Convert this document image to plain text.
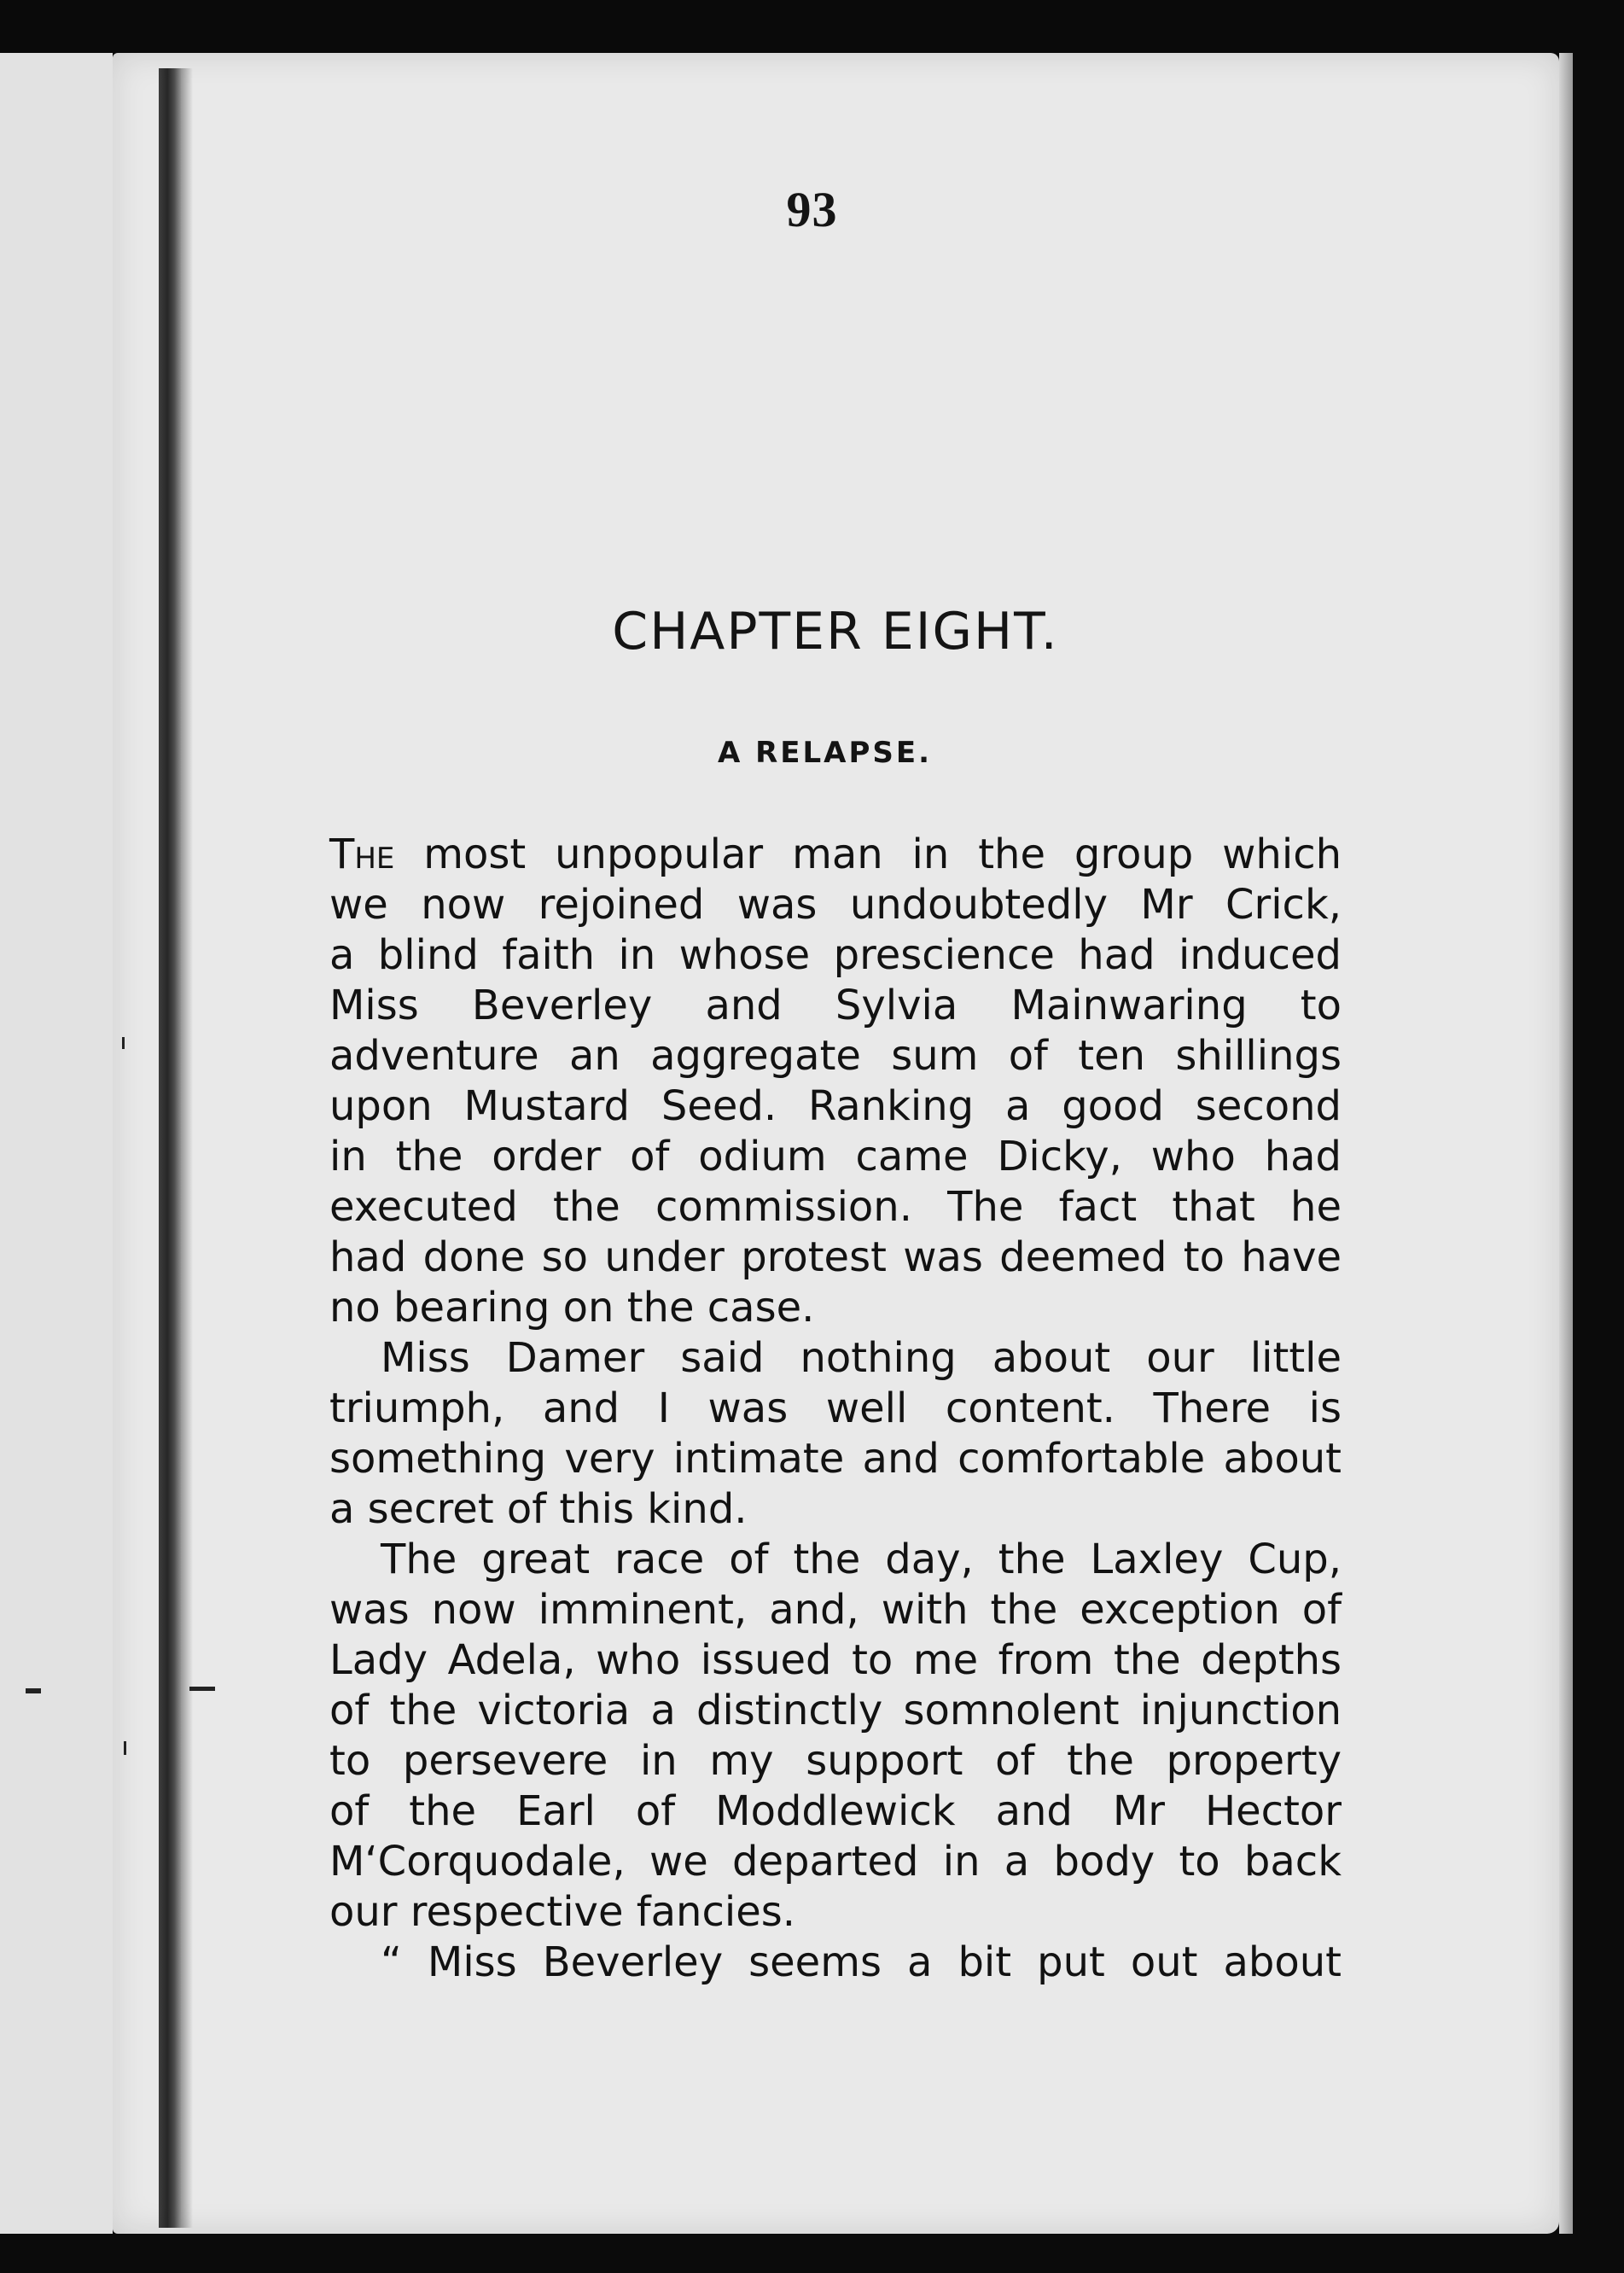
93
CHAPTER EIGHT.
A RELAPSE.
The most unpopular man in the group which
we now rejoined was undoubtedly Mr Crick,
a blind faith in whose prescience had induced
Miss Beverley and Sylvia Mainwaring to
adventure an aggregate sum of ten shillings
upon Mustard Seed. Ranking a good second
in the order of odium came Dicky, who had
executed the commission. The fact that he
had done so under protest was deemed to have
no bearing on the case.
Miss Damer said nothing about our little
triumph, and I was well content. There is
something very intimate and comfortable about
a secret of this kind.
The great race of the day, the Laxley Cup,
was now imminent, and, with the exception of
Lady Adela, who issued to me from the depths
of the victoria a distinctly somnolent injunction
to persevere in my support of the property
of the Earl of Moddlewick and Mr Hector
M‘Corquodale, we departed in a body to back
our respective fancies.
“ Miss Beverley seems a bit put out about
